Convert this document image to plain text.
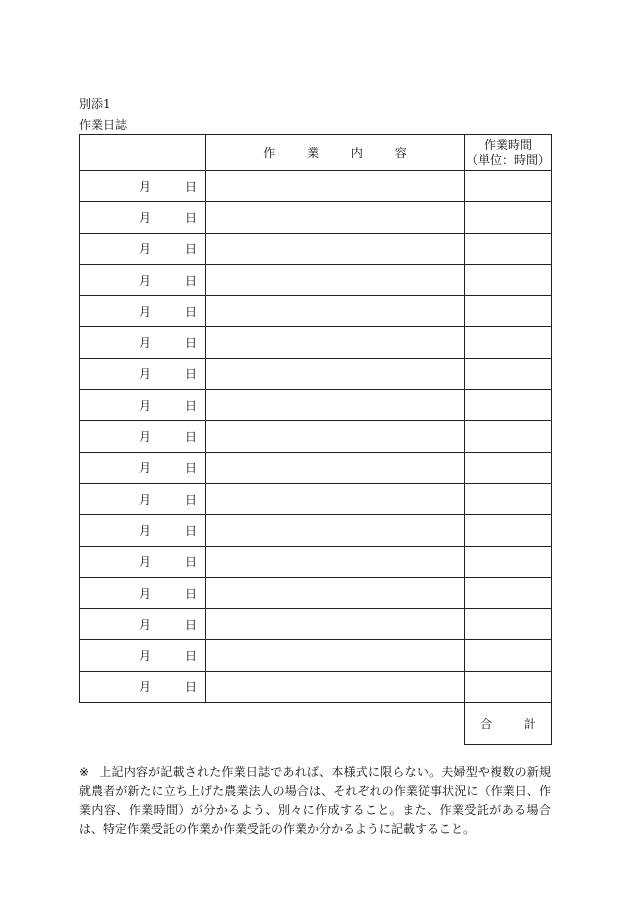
別添1
作業日誌
	作 業 内 容	作業時間
（単位：時間）

月 日		
月 日		
月 日		
月 日		
月 日		
月 日		
月 日		
月 日		
月 日		
月 日		
月 日		
月 日		
月 日		
月 日		
月 日		
月 日		
月 日		
		合 計
※ 上記内容が記載された作業日誌であれば、本様式に限らない。夫婦型や複数の新規就農者が新たに立ち上げた農業法人の場合は、それぞれの作業従事状況に（作業日、作業内容、作業時間）が分かるよう、別々に作成すること。また、作業受託がある場合は、特定作業受託の作業か作業受託の作業か分かるように記載すること。
